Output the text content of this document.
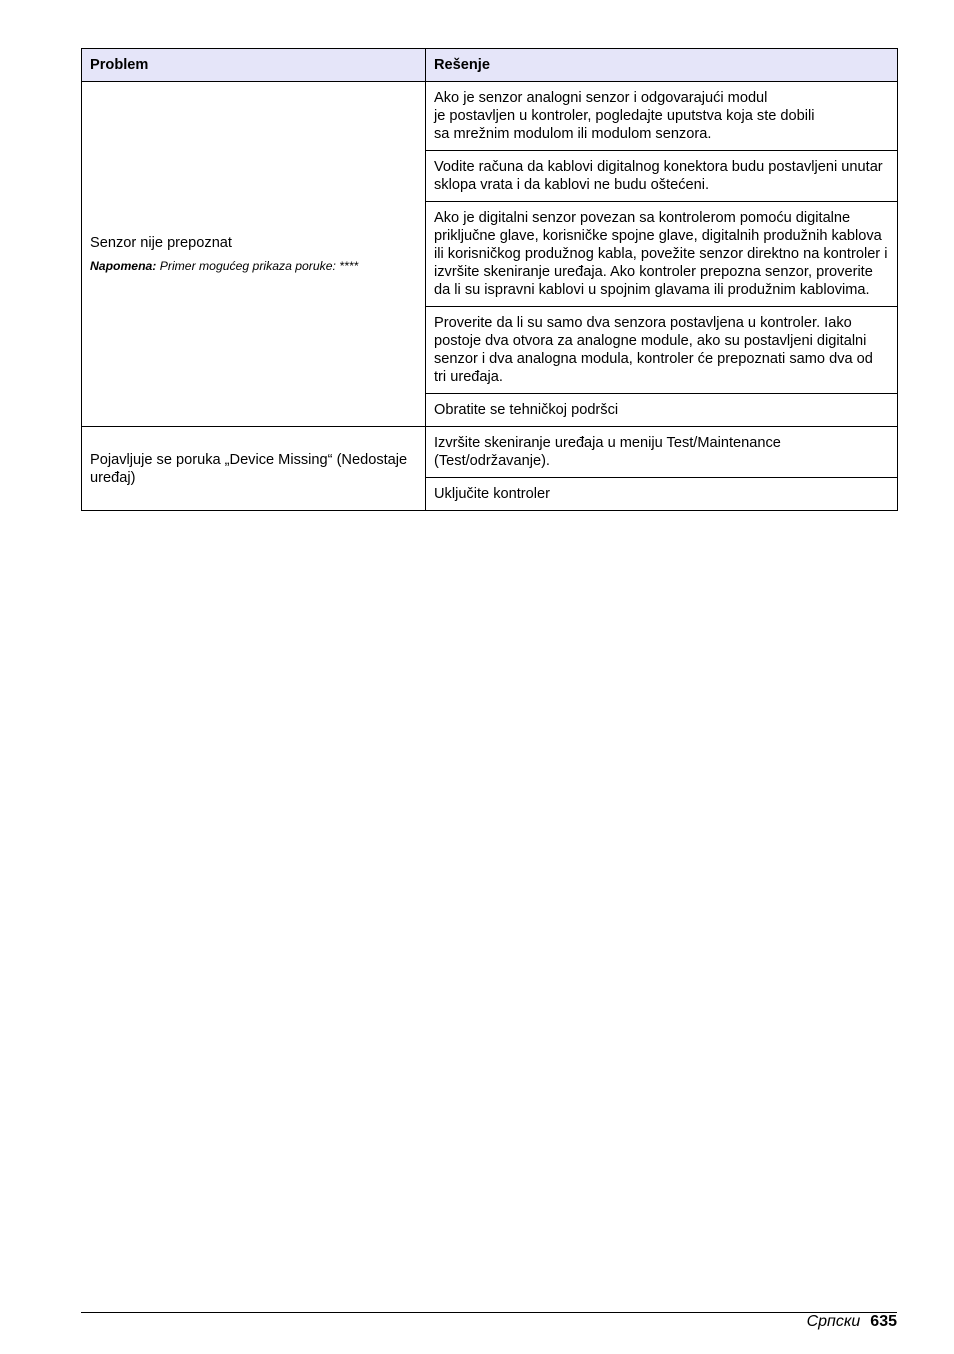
Problem	Rešenje
Senzor nije prepoznat
Napomena: Primer mogućeg prikaza poruke: ****	Ako je senzor analogni senzor i odgovarajući modul
je postavljen u kontroler, pogledajte uputstva koja ste dobili
sa mrežnim modulom ili modulom senzora.
	Vodite računa da kablovi digitalnog konektora budu postavljeni unutar sklopa vrata i da kablovi ne budu oštećeni.
	Ako je digitalni senzor povezan sa kontrolerom pomoću digitalne priključne glave, korisničke spojne glave, digitalnih produžnih kablova ili korisničkog produžnog kabla, povežite senzor direktno na kontroler i izvršite skeniranje uređaja. Ako kontroler prepozna senzor, proverite da li su ispravni kablovi u spojnim glavama ili produžnim kablovima.
	Proverite da li su samo dva senzora postavljena u kontroler. Iako postoje dva otvora za analogne module, ako su postavljeni digitalni senzor i dva analogna modula, kontroler će prepoznati samo dva od tri uređaja.
	Obratite se tehničkoj podršci
Pojavljuje se poruka „Device Missing“ (Nedostaje uređaj)	Izvršite skeniranje uređaja u meniju Test/Maintenance (Test/održavanje).
	Uključite kontroler
Српски 635
